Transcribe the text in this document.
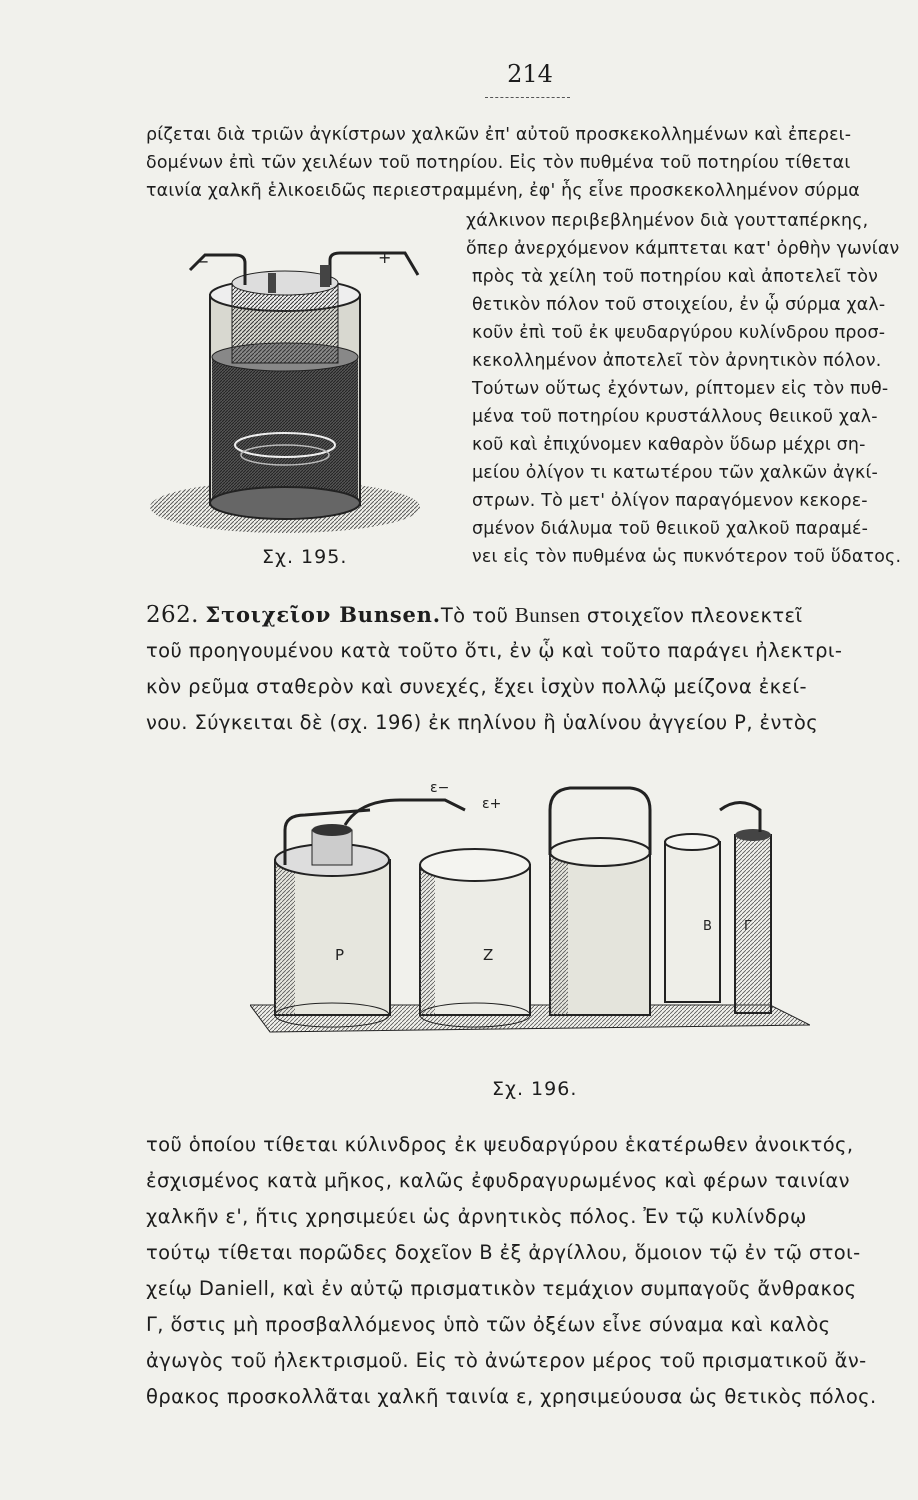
214
ρίζεται διὰ τριῶν ἀγκίστρων χαλκῶν ἐπ' αὐτοῦ προσκεκολλημένων καὶ ἐπερει-
δομένων ἐπὶ τῶν χειλέων τοῦ ποτηρίου. Εἰς τὸν πυθμένα τοῦ ποτηρίου τίθεται
ταινία χαλκῆ ἑλικοειδῶς περιεστραμμένη, ἐφ' ἧς εἶνε προσκεκολλημένον σύρμα
χάλκινον περιβεβλημένον διὰ γουτταπέρκης,
ὅπερ ἀνερχόμενον κάμπτεται κατ' ὀρθὴν γωνίαν
πρὸς τὰ χείλη τοῦ ποτηρίου καὶ ἀποτελεῖ τὸν
θετικὸν πόλον τοῦ στοιχείου, ἐν ᾧ σύρμα χαλ-
κοῦν ἐπὶ τοῦ ἐκ ψευδαργύρου κυλίνδρου προσ-
κεκολλημένον ἀποτελεῖ τὸν ἀρνητικὸν πόλον.
Τούτων οὕτως ἐχόντων, ρίπτομεν εἰς τὸν πυθ-
μένα τοῦ ποτηρίου κρυστάλλους θειικοῦ χαλ-
κοῦ καὶ ἐπιχύνομεν καθαρὸν ὕδωρ μέχρι ση-
μείου ὀλίγον τι κατωτέρου τῶν χαλκῶν ἀγκί-
στρων. Τὸ μετ' ὀλίγον παραγόμενον κεκορε-
σμένον διάλυμα τοῦ θειικοῦ χαλκοῦ παραμέ-
νει εἰς τὸν πυθμένα ὡς πυκνότερον τοῦ ὕδατος.
−	+
Σχ. 195.
262. Στοιχεῖον Bunsen.Τὸ τοῦ Bunsen στοιχεῖον πλεονεκτεῖ
τοῦ προηγουμένου κατὰ τοῦτο ὅτι, ἐν ᾧ καὶ τοῦτο παράγει ἠλεκτρι-
κὸν ρεῦμα σταθερὸν καὶ συνεχές, ἔχει ἰσχὺν πολλῷ μείζονα ἐκεί-
νου. Σύγκειται δὲ (σχ. 196) ἐκ πηλίνου ἢ ὑαλίνου ἀγγείου P, ἐντὸς
ε−
ε+
P	Z
B Γ
Σχ. 196.
τοῦ ὁποίου τίθεται κύλινδρος ἐκ ψευδαργύρου ἑκατέρωθεν ἀνοικτός,
ἐσχισμένος κατὰ μῆκος, καλῶς ἐφυδραγυρωμένος καὶ φέρων ταινίαν
χαλκῆν ε', ἥτις χρησιμεύει ὡς ἀρνητικὸς πόλος. Ἐν τῷ κυλίνδρῳ
τούτῳ τίθεται πορῶδες δοχεῖον B ἐξ ἀργίλλου, ὅμοιον τῷ ἐν τῷ στοι-
χείῳ Daniell, καὶ ἐν αὐτῷ πρισματικὸν τεμάχιον συμπαγοῦς ἄνθρακος
Γ, ὅστις μὴ προσβαλλόμενος ὑπὸ τῶν ὀξέων εἶνε σύναμα καὶ καλὸς
ἀγωγὸς τοῦ ἠλεκτρισμοῦ. Εἰς τὸ ἀνώτερον μέρος τοῦ πρισματικοῦ ἄν-
θρακος προσκολλᾶται χαλκῆ ταινία ε, χρησιμεύουσα ὡς θετικὸς πόλος.
